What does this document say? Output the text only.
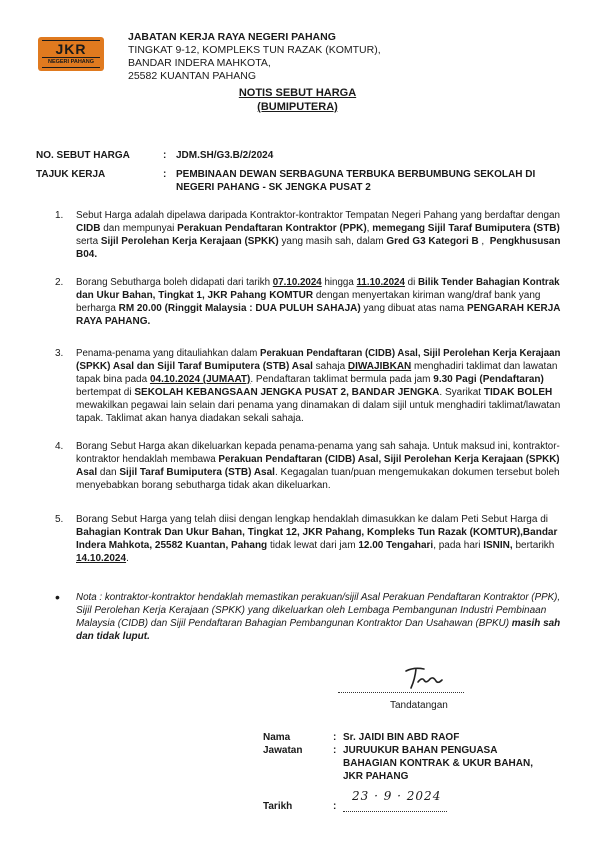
JKR
NEGERI PAHANG
JABATAN KERJA RAYA NEGERI PAHANG
TINGKAT 9-12, KOMPLEKS TUN RAZAK (KOMTUR),
BANDAR INDERA MAHKOTA,
25582 KUANTAN PAHANG
NOTIS SEBUT HARGA
(BUMIPUTERA)
NO. SEBUT HARGA	: JDM.SH/G3.B/2/2024
TAJUK KERJA	: PEMBINAAN DEWAN SERBAGUNA TERBUKA BERBUMBUNG SEKOLAH DI
NEGERI PAHANG - SK JENGKA PUSAT 2
1. Sebut Harga adalah dipelawa daripada Kontraktor-kontraktor Tempatan Negeri Pahang yang berdaftar dengan
CIDB dan mempunyai Perakuan Pendaftaran Kontraktor (PPK), memegang Sijil Taraf Bumiputera (STB)
serta Sijil Perolehan Kerja Kerajaan (SPKK) yang masih sah, dalam Gred G3 Kategori B ,  Pengkhususan
B04.
2. Borang Sebutharga boleh didapati dari tarikh 07.10.2024 hingga 11.10.2024 di Bilik Tender Bahagian Kontrak
dan Ukur Bahan, Tingkat 1, JKR Pahang KOMTUR dengan menyertakan kiriman wang/draf bank yang
berharga RM 20.00 (Ringgit Malaysia : DUA PULUH SAHAJA) yang dibuat atas nama PENGARAH KERJA
RAYA PAHANG.
3. Penama-penama yang ditauliahkan dalam Perakuan Pendaftaran (CIDB) Asal, Sijil Perolehan Kerja Kerajaan
(SPKK) Asal dan Sijil Taraf Bumiputera (STB) Asal sahaja DIWAJIBKAN menghadiri taklimat dan lawatan
tapak bina pada 04.10.2024 (JUMAAT). Pendaftaran taklimat bermula pada jam 9.30 Pagi (Pendaftaran)
bertempat di SEKOLAH KEBANGSAAN JENGKA PUSAT 2, BANDAR JENGKA. Syarikat TIDAK BOLEH
mewakilkan pegawai lain selain dari penama yang dinamakan di dalam sijil untuk menghadiri taklimat/lawatan
tapak. Taklimat akan hanya diadakan sekali sahaja.
4. Borang Sebut Harga akan dikeluarkan kepada penama-penama yang sah sahaja. Untuk maksud ini, kontraktor-
kontraktor hendaklah membawa Perakuan Pendaftaran (CIDB) Asal, Sijil Perolehan Kerja Kerajaan (SPKK)
Asal dan Sijil Taraf Bumiputera (STB) Asal. Kegagalan tuan/puan mengemukakan dokumen tersebut boleh
menyebabkan borang sebutharga tidak akan dikeluarkan.
5. Borang Sebut Harga yang telah diisi dengan lengkap hendaklah dimasukkan ke dalam Peti Sebut Harga di
Bahagian Kontrak Dan Ukur Bahan, Tingkat 12, JKR Pahang, Kompleks Tun Razak (KOMTUR),Bandar
Indera Mahkota, 25582 Kuantan, Pahang tidak lewat dari jam 12.00 Tengahari, pada hari ISNIN, bertarikh
14.10.2024.
• Nota : kontraktor-kontraktor hendaklah memastikan perakuan/sijil Asal Perakuan Pendaftaran Kontraktor (PPK),
Sijil Perolehan Kerja Kerajaan (SPKK) yang dikeluarkan oleh Lembaga Pembangunan Industri Pembinaan
Malaysia (CIDB) dan Sijil Pendaftaran Bahagian Pembangunan Kontraktor Dan Usahawan (BPKU) masih sah
dan tidak luput.
Tandatangan
Nama	: Sr. JAIDI BIN ABD RAOF
Jawatan	: JURUUKUR BAHAN PENGUASA
BAHAGIAN KONTRAK & UKUR BAHAN,
JKR PAHANG
Tarikh	:
23 · 9 · 2024
